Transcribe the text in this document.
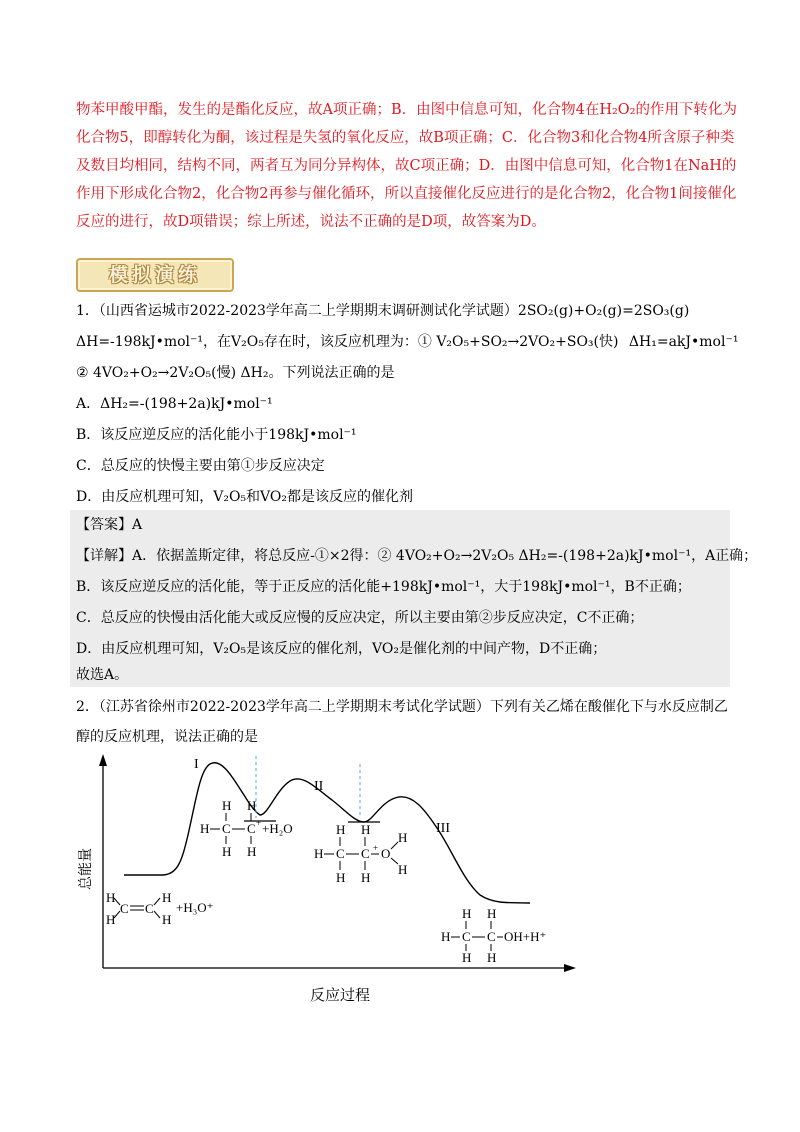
物苯甲酸甲酯，发生的是酯化反应，故A项正确；B．由图中信息可知，化合物4在H₂O₂的作用下转化为

化合物5，即醇转化为酮，该过程是失氢的氧化反应，故B项正确；C．化合物3和化合物4所含原子种类

及数目均相同，结构不同，两者互为同分异构体，故C项正确；D．由图中信息可知，化合物1在NaH的

作用下形成化合物2，化合物2再参与催化循环，所以直接催化反应进行的是化合物2，化合物1间接催化

反应的进行，故D项错误；综上所述，说法不正确的是D项，故答案为D。

模拟演练
1．（山西省运城市2022-2023学年高二上学期期末调研测试化学试题）2SO₂(g)+O₂(g)=2SO₃(g)
ΔH=-198kJ•mol⁻¹，在V₂O₅存在时，该反应机理为：① V₂O₅+SO₂→2VO₂+SO₃(快) ΔH₁=akJ•mol⁻¹
② 4VO₂+O₂→2V₂O₅(慢) ΔH₂。下列说法正确的是
A．ΔH₂=-(198+2a)kJ•mol⁻¹
B．该反应逆反应的活化能小于198kJ•mol⁻¹
C．总反应的快慢主要由第①步反应决定
D．由反应机理可知，V₂O₅和VO₂都是该反应的催化剂
【答案】A
【详解】A．依据盖斯定律，将总反应-①×2得：② 4VO₂+O₂→2V₂O₅ ΔH₂=-(198+2a)kJ•mol⁻¹，A正确；
B．该反应逆反应的活化能，等于正反应的活化能+198kJ•mol⁻¹，大于198kJ•mol⁻¹，B不正确；
C．总反应的快慢由活化能大或反应慢的反应决定，所以主要由第②步反应决定，C不正确；
D．由反应机理可知，V₂O₅是该反应的催化剂，VO₂是催化剂的中间产物，D不正确；
故选A。
2．（江苏省徐州市2022-2023学年高二上学期期末考试化学试题）下列有关乙烯在酸催化下与水反应制乙
醇的反应机理，说法正确的是
I
II
III
总能量
反应过程
H
H
C C
H
H
+H₃O⁺
H H
H C C + +H₂O
H H
H H
H C C O
+
H
H
H H
H H
H C C OH+H⁺
H H
